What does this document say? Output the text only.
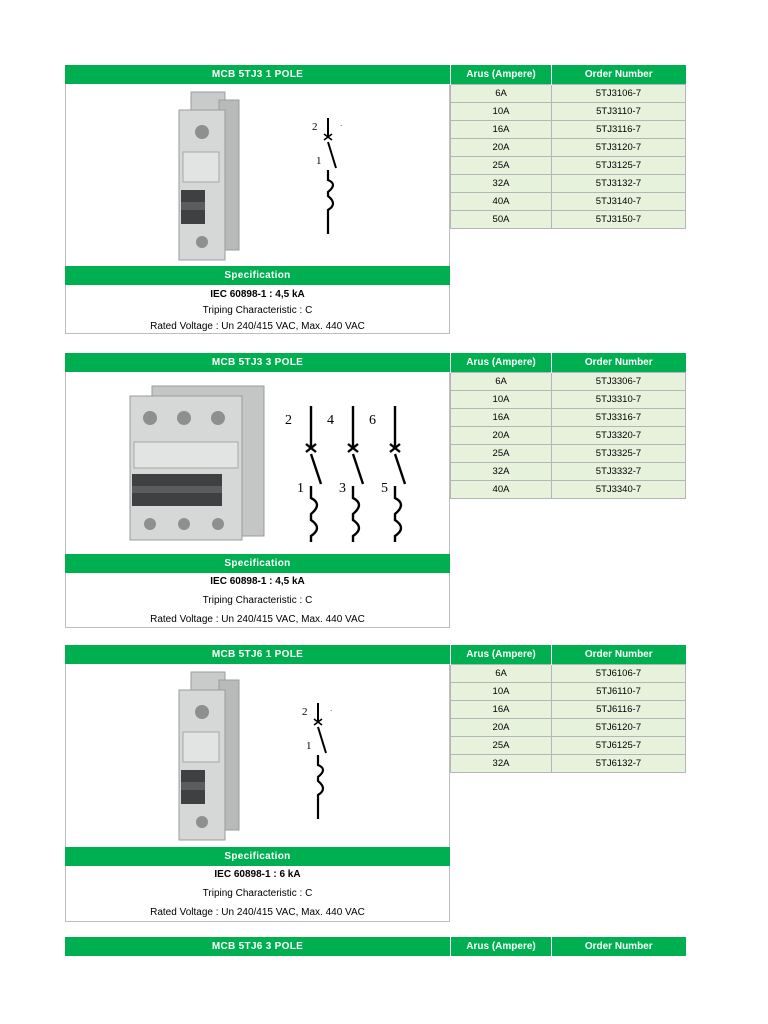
MCB 5TJ3 1 POLE
2	·
1
Specification
IEC 60898-1 : 4,5 kA
Triping Characteristic : C
Rated Voltage : Un 240/415 VAC, Max. 440 VAC
Arus (Ampere)	Order Number
6A	5TJ3106-7
10A	5TJ3110-7
16A	5TJ3116-7
20A	5TJ3120-7
25A	5TJ3125-7
32A	5TJ3132-7
40A	5TJ3140-7
50A	5TJ3150-7
MCB 5TJ3 3 POLE
2	4	6
1	3	5
Specification
IEC 60898-1 : 4,5 kA
Triping Characteristic : C
Rated Voltage : Un 240/415 VAC, Max. 440 VAC
Arus (Ampere)	Order Number
6A	5TJ3306-7
10A	5TJ3310-7
16A	5TJ3316-7
20A	5TJ3320-7
25A	5TJ3325-7
32A	5TJ3332-7
40A	5TJ3340-7
MCB 5TJ6 1 POLE
2	·
1
Specification
IEC 60898-1 : 6 kA
Triping Characteristic : C
Rated Voltage : Un 240/415 VAC, Max. 440 VAC
Arus (Ampere)	Order Number
6A	5TJ6106-7
10A	5TJ6110-7
16A	5TJ6116-7
20A	5TJ6120-7
25A	5TJ6125-7
32A	5TJ6132-7
MCB 5TJ6 3 POLE	Arus (Ampere)	Order Number
